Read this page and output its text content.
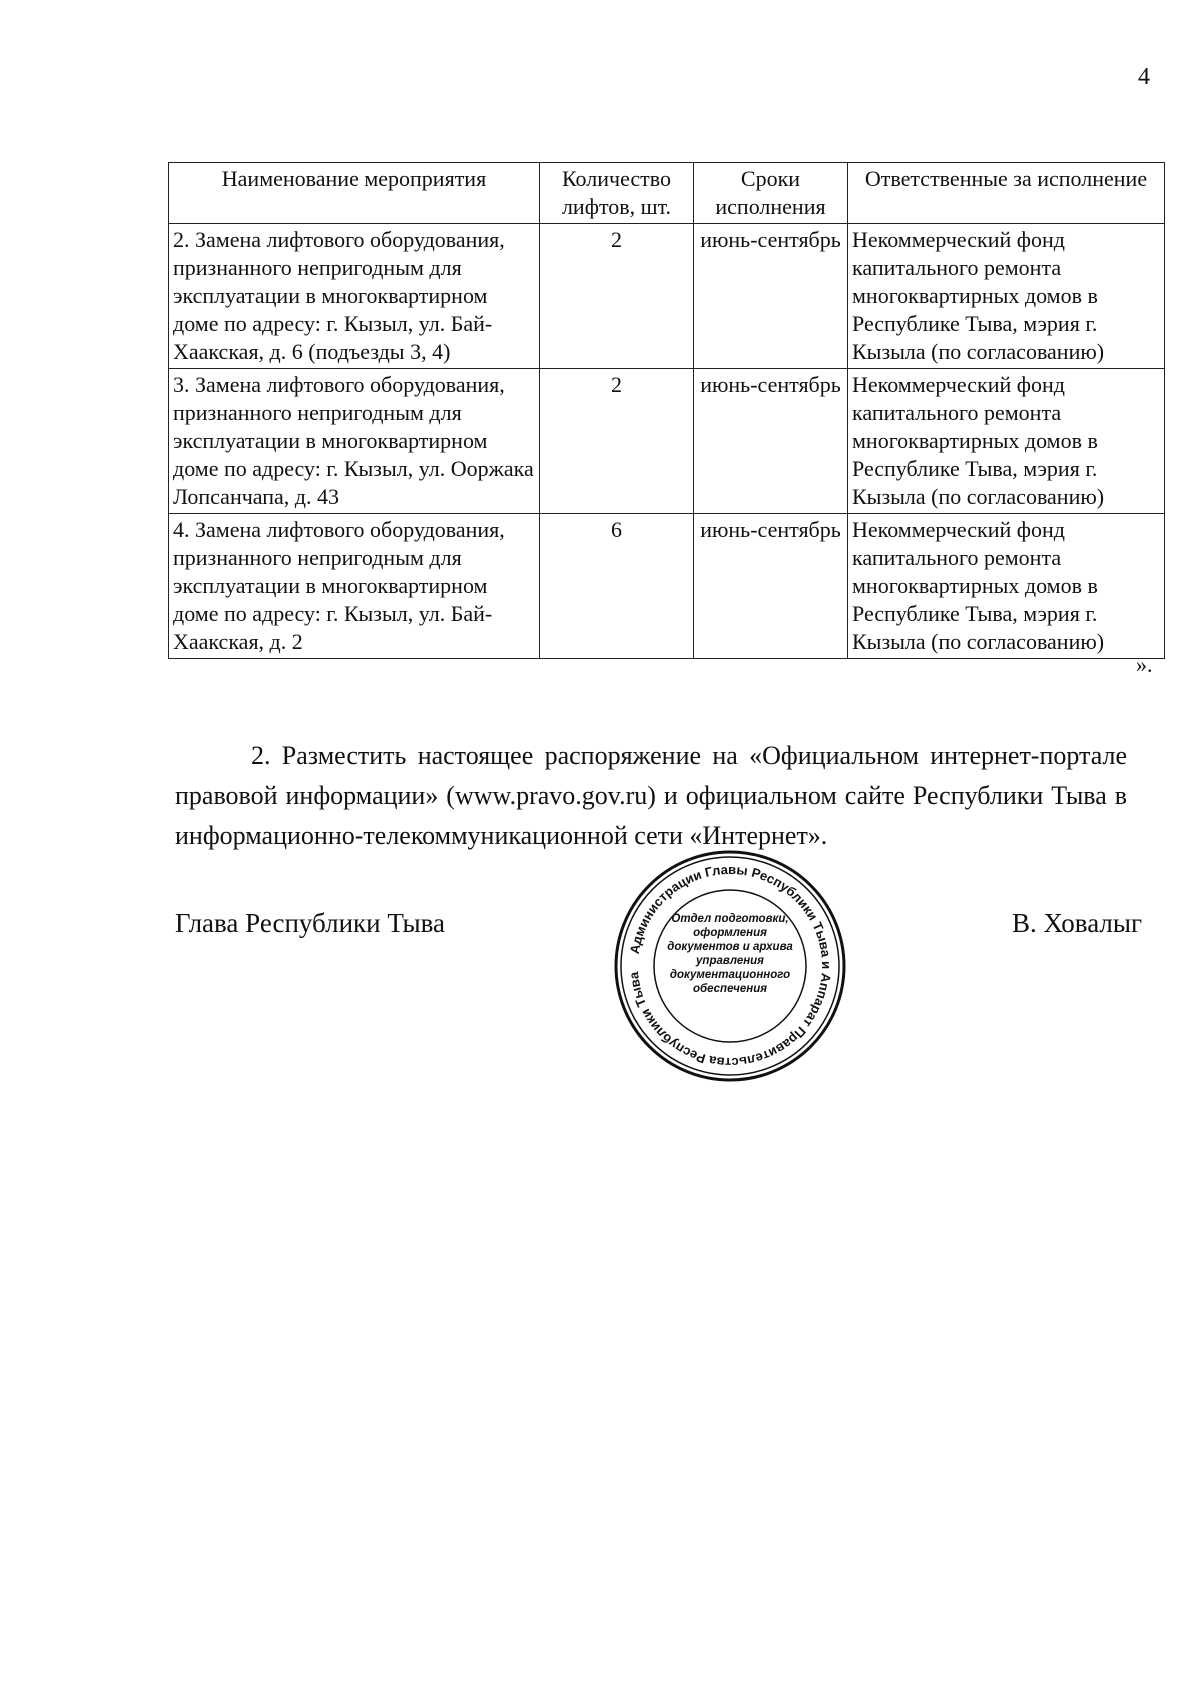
4
Наименование мероприятия	Количество лифтов, шт.	Сроки исполнения	Ответственные за исполнение
2. Замена лифтового оборудования, признанного непригодным для эксплуатации в многоквартирном доме по адресу: г. Кызыл, ул. Бай-Хаакская, д. 6 (подъезды 3, 4)	2	июнь-сентябрь	Некоммерческий фонд капитального ремонта многоквартирных домов в Республике Тыва, мэрия г. Кызыла (по согласованию)
3. Замена лифтового оборудования, признанного непригодным для эксплуатации в многоквартирном доме по адресу: г. Кызыл, ул. Ооржака Лопсанчапа, д. 43	2	июнь-сентябрь	Некоммерческий фонд капитального ремонта многоквартирных домов в Республике Тыва, мэрия г. Кызыла (по согласованию)
4. Замена лифтового оборудования, признанного непригодным для эксплуатации в многоквартирном доме по адресу: г. Кызыл, ул. Бай-Хаакская, д. 2	6	июнь-сентябрь	Некоммерческий фонд капитального ремонта многоквартирных домов в Республике Тыва, мэрия г. Кызыла (по согласованию)
».

2. Разместить настоящее распоряжение на «Официальном интернет-портале правовой информации» (www.pravo.gov.ru) и официальном сайте Республики Тыва в информационно-телекоммуникационной сети «Интернет».

Глава Республики Тыва
Администрации Главы Республики Тыва и Аппарат Правительства Республики Тыва
Отдел подготовки, оформления документов и архива управления документационного обеспечения
В. Ховалыг
